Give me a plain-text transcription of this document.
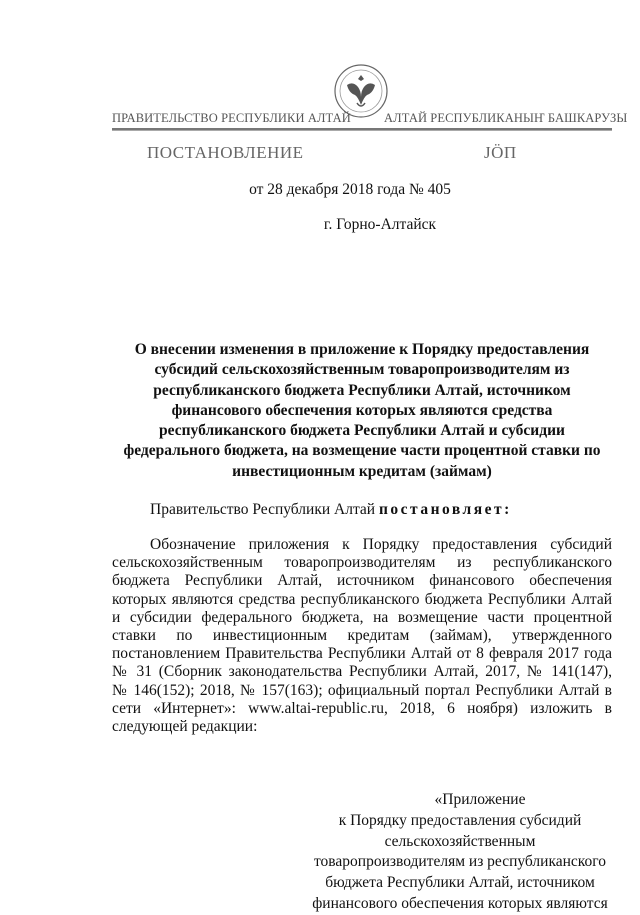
ПРАВИТЕЛЬСТВО РЕСПУБЛИКИ АЛТАЙ	АЛТАЙ РЕСПУБЛИКАНЫҤ БАШКАРУЗЫ
ПОСТАНОВЛЕНИЕ	JÖП
от 28 декабря 2018 года № 405
г. Горно-Алтайск
О внесении изменения в приложение к Порядку предоставления
субсидий сельскохозяйственным товаропроизводителям из
республиканского бюджета Республики Алтай, источником
финансового обеспечения которых являются средства
республиканского бюджета Республики Алтай и субсидии
федерального бюджета, на возмещение части процентной ставки по
инвестиционным кредитам (займам)
Правительство Республики Алтай постановляет:
Обозначение приложения к Порядку предоставления субсидий
сельскохозяйственным товаропроизводителям из республиканского
бюджета Республики Алтай, источником финансового обеспечения
которых являются средства республиканского бюджета Республики Алтай
и субсидии федерального бюджета, на возмещение части процентной
ставки по инвестиционным кредитам (займам), утвержденного
постановлением Правительства Республики Алтай от 8 февраля 2017 года
№ 31 (Сборник законодательства Республики Алтай, 2017, № 141(147),
№ 146(152); 2018, № 157(163); официальный портал Республики Алтай в
сети «Интернет»: www.altai-republic.ru, 2018, 6 ноября) изложить в
следующей редакции:
«Приложение
к Порядку предоставления субсидий
сельскохозяйственным
товаропроизводителям из республиканского
бюджета Республики Алтай, источником
финансового обеспечения которых являются
